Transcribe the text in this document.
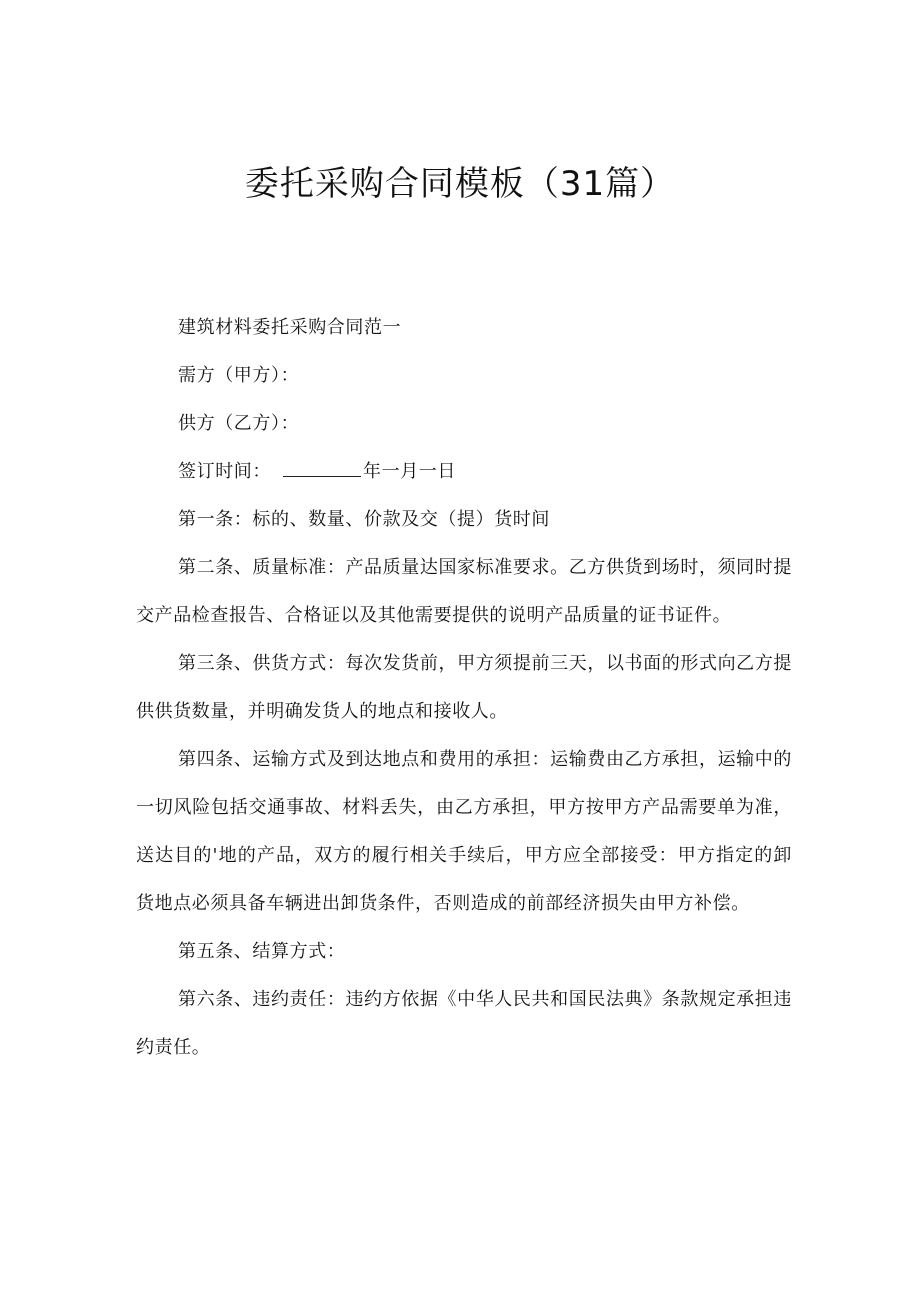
委托采购合同模板（31篇）

建筑材料委托采购合同范一

需方（甲方）：

供方（乙方）：

签订时间：	年一月一日

第一条：标的、数量、价款及交（提）货时间

第二条、质量标准：产品质量达国家标准要求。乙方供货到场时，须同时提交产品检查报告、合格证以及其他需要提供的说明产品质量的证书证件。

第三条、供货方式：每次发货前，甲方须提前三天，以书面的形式向乙方提供供货数量，并明确发货人的地点和接收人。

第四条、运输方式及到达地点和费用的承担：运输费由乙方承担，运输中的一切风险包括交通事故、材料丢失，由乙方承担，甲方按甲方产品需要单为准，送达目的'地的产品，双方的履行相关手续后，甲方应全部接受：甲方指定的卸货地点必须具备车辆进出卸货条件，否则造成的前部经济损失由甲方补偿。

第五条、结算方式：

第六条、违约责任：违约方依据《中华人民共和国民法典》条款规定承担违约责任。
